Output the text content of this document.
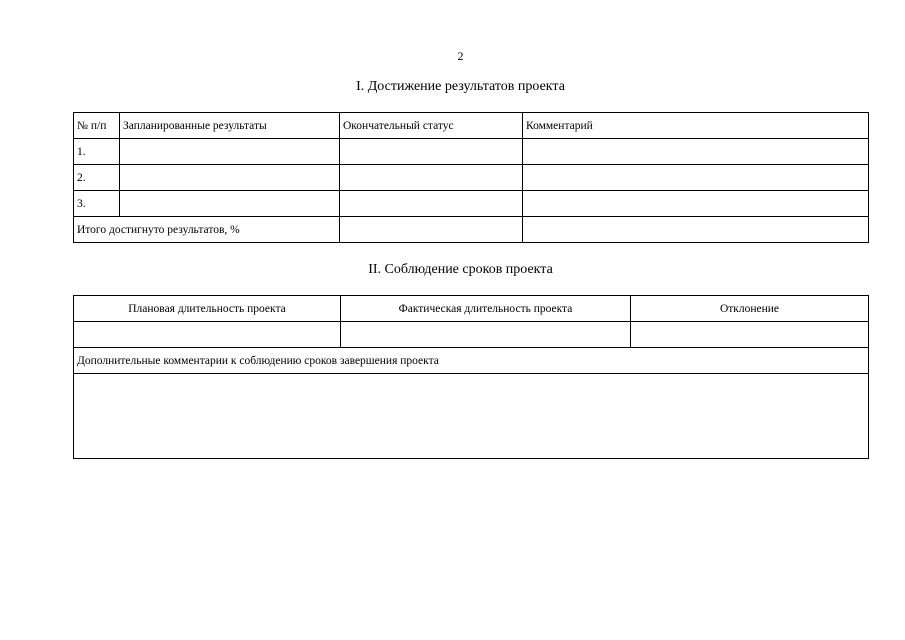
2
I. Достижение результатов проекта
№ п/п	Запланированные результаты	Окончательный статус	Комментарий
1.			
2.			
3.			
Итого достигнуто результатов, %			
II. Соблюдение сроков проекта
Плановая длительность проекта	Фактическая длительность проекта	Отклонение

Дополнительные комментарии к соблюдению сроков завершения проекта		
